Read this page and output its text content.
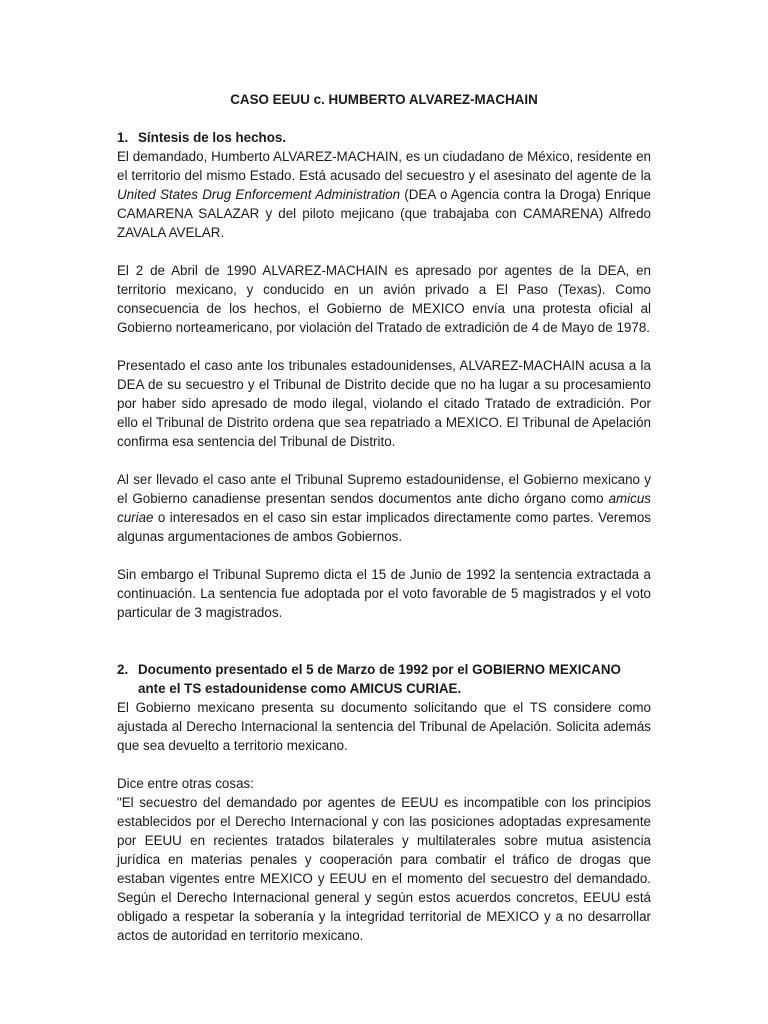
CASO EEUU c. HUMBERTO ALVAREZ-MACHAIN
1. Síntesis de los hechos.

El demandado, Humberto ALVAREZ-MACHAIN, es un ciudadano de México, residente en el territorio del mismo Estado. Está acusado del secuestro y el asesinato del agente de la United States Drug Enforcement Administration (DEA o Agencia contra la Droga) Enrique CAMARENA SALAZAR y del piloto mejicano (que trabajaba con CAMARENA) Alfredo ZAVALA AVELAR.

El 2 de Abril de 1990 ALVAREZ-MACHAIN es apresado por agentes de la DEA, en territorio mexicano, y conducido en un avión privado a El Paso (Texas). Como consecuencia de los hechos, el Gobierno de MEXICO envía una protesta oficial al Gobierno norteamericano, por violación del Tratado de extradición de 4 de Mayo de 1978.

Presentado el caso ante los tribunales estadounidenses, ALVAREZ-MACHAIN acusa a la DEA de su secuestro y el Tribunal de Distrito decide que no ha lugar a su procesamiento por haber sido apresado de modo ilegal, violando el citado Tratado de extradición. Por ello el Tribunal de Distrito ordena que sea repatriado a MEXICO. El Tribunal de Apelación confirma esa sentencia del Tribunal de Distrito.

Al ser llevado el caso ante el Tribunal Supremo estadounidense, el Gobierno mexicano y el Gobierno canadiense presentan sendos documentos ante dicho órgano como amicus curiae o interesados en el caso sin estar implicados directamente como partes. Veremos algunas argumentaciones de ambos Gobiernos.

Sin embargo el Tribunal Supremo dicta el 15 de Junio de 1992 la sentencia extractada a continuación. La sentencia fue adoptada por el voto favorable de 5 magistrados y el voto particular de 3 magistrados.

2. Documento presentado el 5 de Marzo de 1992 por el GOBIERNO MEXICANO ante el TS estadounidense como AMICUS CURIAE.

El Gobierno mexicano presenta su documento solicitando que el TS considere como ajustada al Derecho Internacional la sentencia del Tribunal de Apelación. Solicita además que sea devuelto a territorio mexicano.

Dice entre otras cosas:

"El secuestro del demandado por agentes de EEUU es incompatible con los principios establecidos por el Derecho Internacional y con las posiciones adoptadas expresamente por EEUU en recientes tratados bilaterales y multilaterales sobre mutua asistencia jurídica en materias penales y cooperación para combatir el tráfico de drogas que estaban vigentes entre MEXICO y EEUU en el momento del secuestro del demandado. Según el Derecho Internacional general y según estos acuerdos concretos, EEUU está obligado a respetar la soberanía y la integridad territorial de MEXICO y a no desarrollar actos de autoridad en territorio mexicano.
